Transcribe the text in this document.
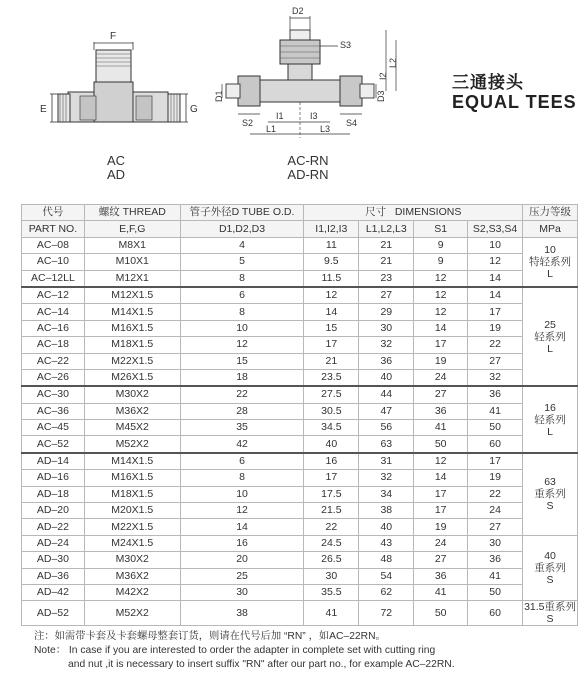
F
E	G
AC
AD
D2
S3
D1	D3
L2
I2
S2	S4
I1	I3
L1	L3
AC-RN
AD-RN
三通接头
EQUAL TEES
代号	螺纹 THREAD	管子外径D TUBE O.D.	尺寸 DIMENSIONS				压力等级
PART NO.	E,F,G	D1,D2,D3	I1,I2,I3	L1,L2,L3	S1	S2,S3,S4	MPa
AC–08	M8X1	4	11	21	9	10	10
特轻系列
L

AC–10	M10X1	5	9.5	21	9	12	
AC–12LL	M12X1	8	11.5	23	12	14	
AC–12	M12X1.5	6	12	27	12	14	25
轻系列
L

AC–14	M14X1.5	8	14	29	12	17	
AC–16	M16X1.5	10	15	30	14	19	
AC–18	M18X1.5	12	17	32	17	22	
AC–22	M22X1.5	15	21	36	19	27	
AC–26	M26X1.5	18	23.5	40	24	32	
AC–30	M30X2	22	27.5	44	27	36	16
轻系列
L

AC–36	M36X2	28	30.5	47	36	41	
AC–45	M45X2	35	34.5	56	41	50	
AC–52	M52X2	42	40	63	50	60	
AD–14	M14X1.5	6	16	31	12	17	63
重系列
S

AD–16	M16X1.5	8	17	32	14	19	
AD–18	M18X1.5	10	17.5	34	17	22	
AD–20	M20X1.5	12	21.5	38	17	24	
AD–22	M22X1.5	14	22	40	19	27	
AD–24	M24X1.5	16	24.5	43	24	30	40
重系列
S

AD–30	M30X2	20	26.5	48	27	36	
AD–36	M36X2	25	30	54	36	41	
AD–42	M42X2	30	35.5	62	41	50	
AD–52	M52X2	38	41	72	50	60	31.5重系列S
注：如需带卡套及卡套螺母整套订货，则请在代号后加 “RN” ，如AC–22RN。
Note： In case if you are interested to order the adapter in complete set with cutting ring
and nut ,it is necessary to insert suffix "RN" after our part no., for example AC–22RN.
